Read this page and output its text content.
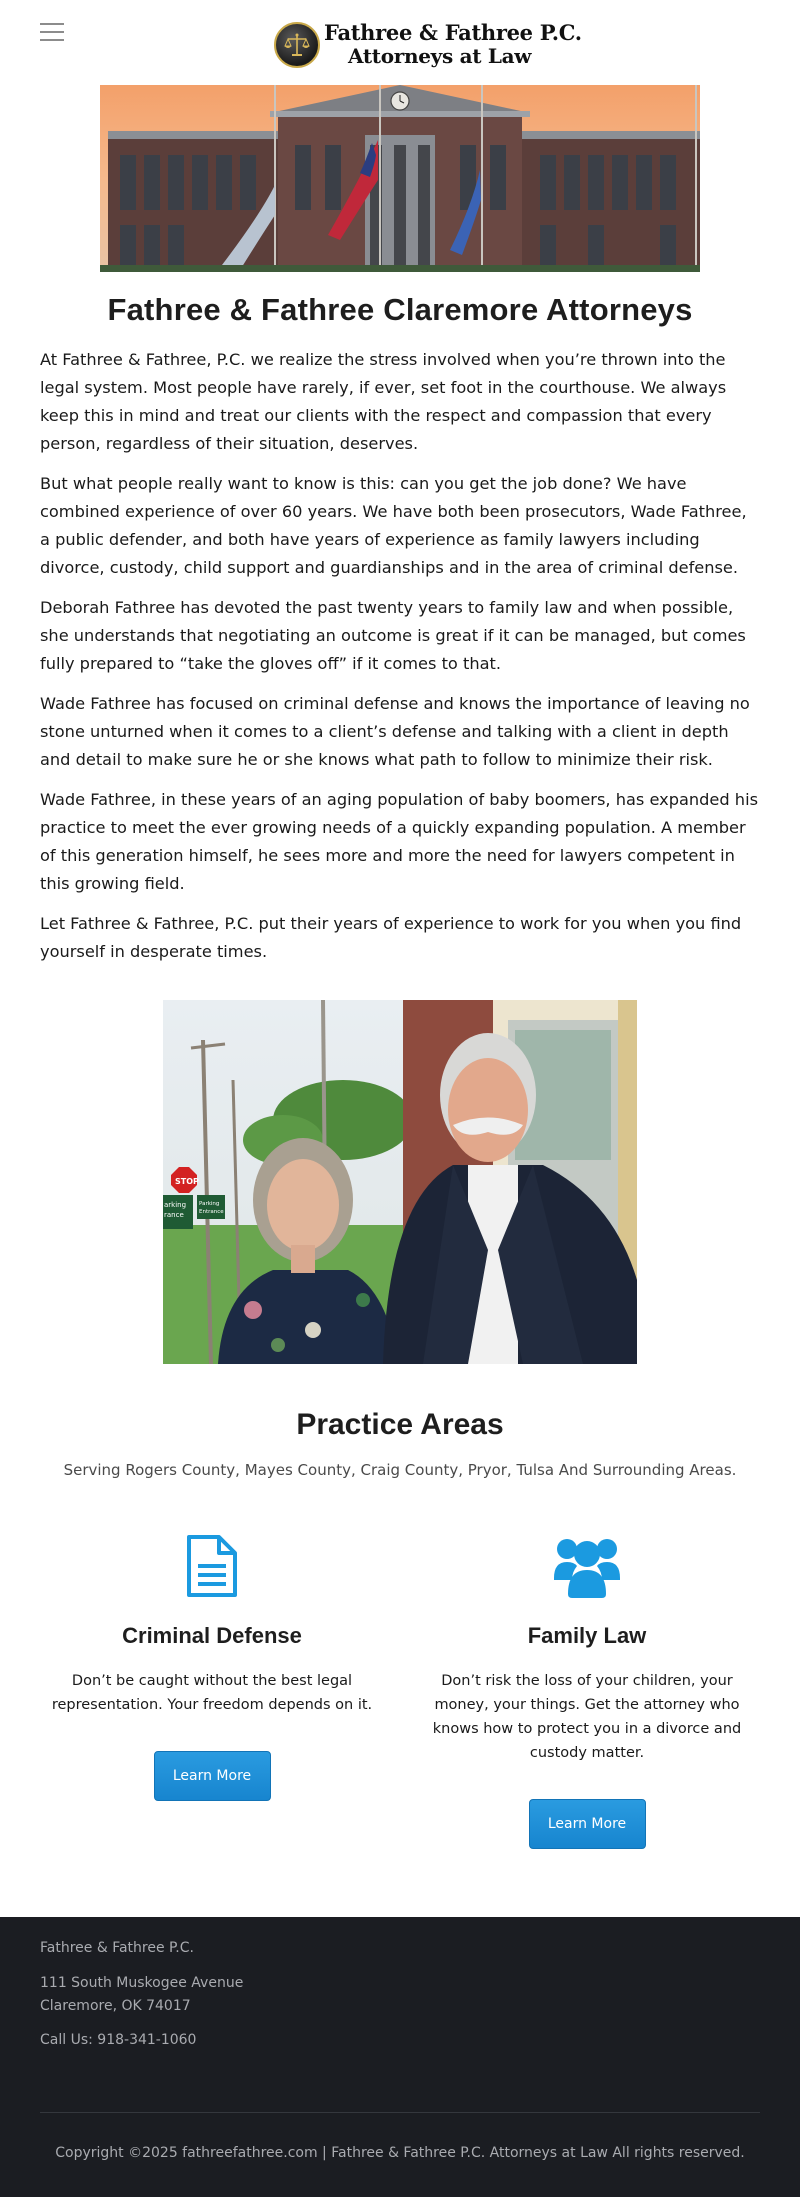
Fathree & Fathree P.C.
Attorneys at Law
Fathree & Fathree Claremore Attorneys

At Fathree & Fathree, P.C. we realize the stress involved when you’re thrown into the legal system. Most people have rarely, if ever, set foot in the courthouse. We always keep this in mind and treat our clients with the respect and compassion that every person, regardless of their situation, deserves.

But what people really want to know is this: can you get the job done? We have combined experience of over 60 years. We have both been prosecutors, Wade Fathree, a public defender, and both have years of experience as family lawyers including divorce, custody, child support and guardianships and in the area of criminal defense.

Deborah Fathree has devoted the past twenty years to family law and when possible, she understands that negotiating an outcome is great if it can be managed, but comes fully prepared to “take the gloves off” if it comes to that.

Wade Fathree has focused on criminal defense and knows the importance of leaving no stone unturned when it comes to a client’s defense and talking with a client in depth and detail to make sure he or she knows what path to follow to minimize their risk.

Wade Fathree, in these years of an aging population of baby boomers, has expanded his practice to meet the ever growing needs of a quickly expanding population. A member of this generation himself, he sees more and more the need for lawyers competent in this growing field.

Let Fathree & Fathree, P.C. put their years of experience to work for you when you find yourself in desperate times.

STOP
arking
rance
Parking
Entrance
Practice Areas
Serving Rogers County, Mayes County, Craig County, Pryor, Tulsa And Surrounding Areas.
Criminal Defense
Don’t be caught without the best legal representation. Your freedom depends on it.
Learn More
Family Law
Don’t risk the loss of your children, your money, your things. Get the attorney who knows how to protect you in a divorce and custody matter.
Learn More
Fathree & Fathree P.C.
111 South Muskogee Avenue
Claremore, OK 74017
Call Us: 918-341-1060
Copyright ©2025 fathreefathree.com | Fathree & Fathree P.C. Attorneys at Law All rights reserved.
